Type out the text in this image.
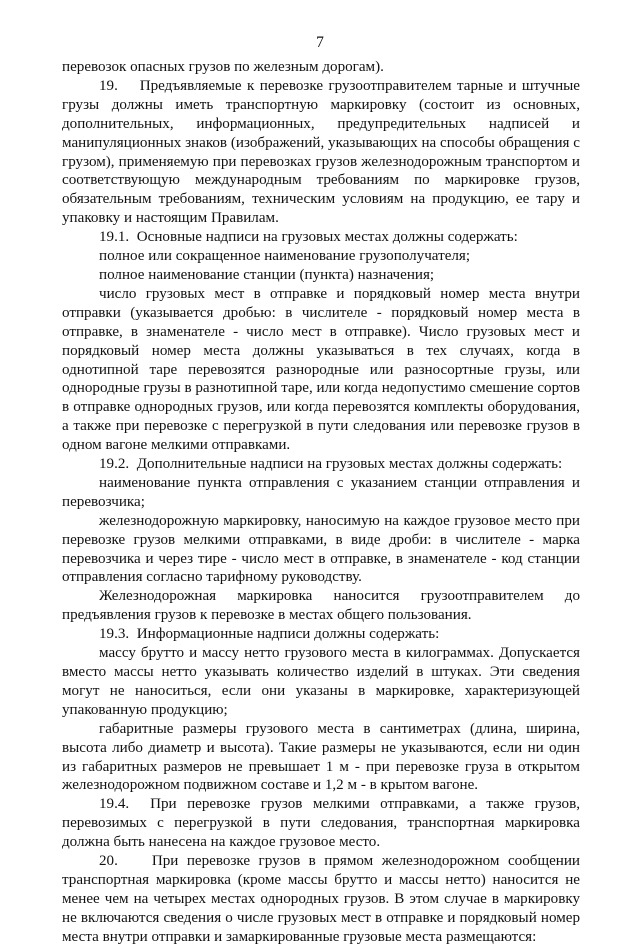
7

перевозок опасных грузов по железным дорогам).

19.    Предъявляемые к перевозке грузоотправителем тарные и штучные грузы должны иметь транспортную маркировку (состоит из основных, дополнительных, информационных, предупредительных надписей и манипуляционных знаков (изображений, указывающих на способы обращения с грузом), применяемую при перевозках грузов железнодорожным транспортом и соответствующую международным требованиям по маркировке грузов, обязательным требованиям, техническим условиям на продукцию, ее тару и упаковку и настоящим Правилам.

19.1.  Основные надписи на грузовых местах должны содержать:

полное или сокращенное наименование грузополучателя;

полное наименование станции (пункта) назначения;

число грузовых мест в отправке и порядковый номер места внутри отправки (указывается дробью: в числителе - порядковый номер места в отправке, в знаменателе - число мест в отправке). Число грузовых мест и порядковый номер места должны указываться в тех случаях, когда в однотипной таре перевозятся разнородные или разносортные грузы, или однородные грузы в разнотипной таре, или когда недопустимо смешение сортов в отправке однородных грузов, или когда перевозятся комплекты оборудования, а также при перевозке с перегрузкой в пути следования или перевозке грузов в одном вагоне мелкими отправками.

19.2.  Дополнительные надписи на грузовых местах должны содержать:

наименование пункта отправления с указанием станции отправления и перевозчика;

железнодорожную маркировку, наносимую на каждое грузовое место при перевозке грузов мелкими отправками, в виде дроби: в числителе - марка перевозчика и через тире - число мест в отправке, в знаменателе - код станции отправления согласно тарифному руководству.

Железнодорожная маркировка наносится грузоотправителем до предъявления грузов к перевозке в местах общего пользования.

19.3.  Информационные надписи должны содержать:

массу брутто и массу нетто грузового места в килограммах. Допускается вместо массы нетто указывать количество изделий в штуках. Эти сведения могут не наноситься, если они указаны в маркировке, характеризующей упакованную продукцию;

габаритные размеры грузового места в сантиметрах (длина, ширина, высота либо диаметр и высота). Такие размеры не указываются, если ни один из габаритных размеров не превышает 1 м - при перевозке груза в открытом железнодорожном подвижном составе и 1,2 м - в крытом вагоне.

19.4.  При перевозке грузов мелкими отправками, а также грузов, перевозимых с перегрузкой в пути следования, транспортная маркировка должна быть нанесена на каждое грузовое место.

20.    При перевозке грузов в прямом железнодорожном сообщении транспортная маркировка (кроме массы брутто и массы нетто) наносится не менее чем на четырех местах однородных грузов. В этом случае в маркировку не включаются сведения о числе грузовых мест в отправке и порядковый номер места внутри отправки и замаркированные грузовые места размещаются:
